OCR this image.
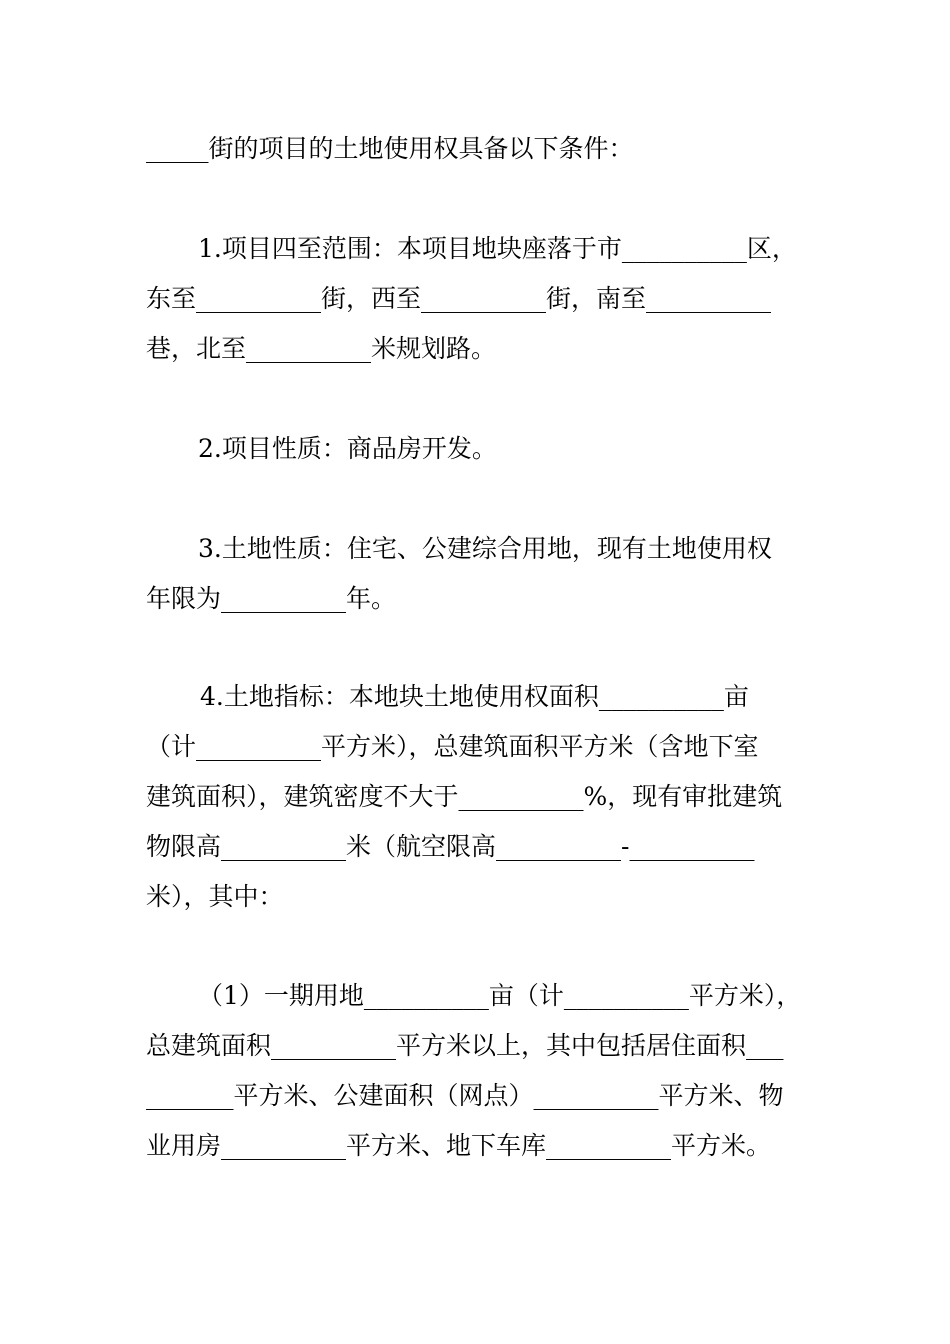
_____街的项目的土地使用权具备以下条件：
1.项目四至范围：本项目地块座落于市__________区，
东至__________街，西至__________街，南至__________
巷，北至__________米规划路。
2.项目性质：商品房开发。
3.土地性质：住宅、公建综合用地，现有土地使用权
年限为__________年。
4.土地指标：本地块土地使用权面积__________亩
（计__________平方米），总建筑面积平方米（含地下室
建筑面积），建筑密度不大于__________%，现有审批建筑
物限高__________米（航空限高__________-__________
米），其中：
（1）一期用地__________亩（计__________平方米），
总建筑面积__________平方米以上，其中包括居住面积___
_______平方米、公建面积（网点）__________平方米、物
业用房__________平方米、地下车库__________平方米。
